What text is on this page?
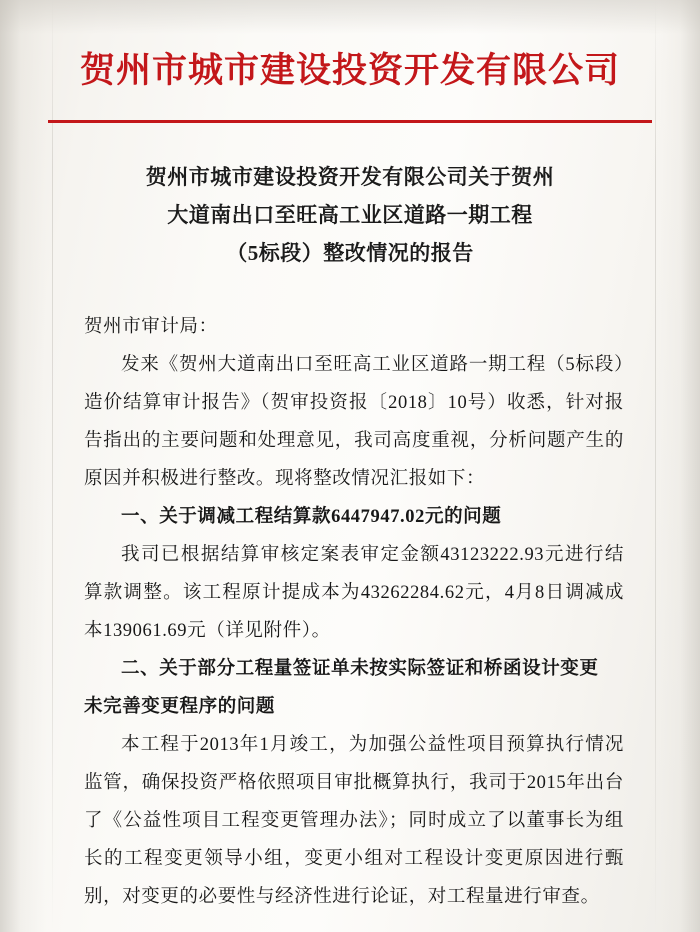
贺州市城市建设投资开发有限公司
贺州市城市建设投资开发有限公司关于贺州
大道南出口至旺高工业区道路一期工程
（5标段）整改情况的报告
贺州市审计局：
发来《贺州大道南出口至旺高工业区道路一期工程（5标段）造价结算审计报告》（贺审投资报〔2018〕10号）收悉，针对报告指出的主要问题和处理意见，我司高度重视，分析问题产生的原因并积极进行整改。现将整改情况汇报如下：
一、关于调减工程结算款6447947.02元的问题
我司已根据结算审核定案表审定金额43123222.93元进行结算款调整。该工程原计提成本为43262284.62元，4月8日调减成本139061.69元（详见附件）。
二、关于部分工程量签证单未按实际签证和桥函设计变更
未完善变更程序的问题
本工程于2013年1月竣工，为加强公益性项目预算执行情况监管，确保投资严格依照项目审批概算执行，我司于2015年出台了《公益性项目工程变更管理办法》；同时成立了以董事长为组长的工程变更领导小组，变更小组对工程设计变更原因进行甄别，对变更的必要性与经济性进行论证，对工程量进行审查。
